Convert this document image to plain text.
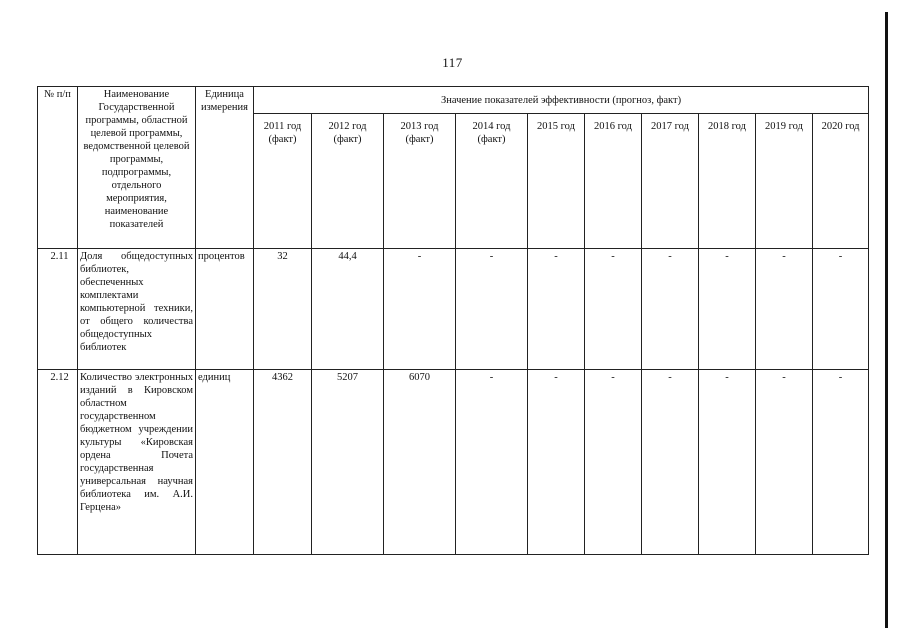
117
№ п/п	Наименование Государственной программы, областной целевой программы, ведомственной целевой программы, подпрограммы, отдельного мероприятия, наименование показателей	Единица измерения	Значение показателей эффективности (прогноз, факт)									
			2011 год (факт)	2012 год (факт)	2013 год (факт)	2014 год (факт)	2015 год	2016 год	2017 год	2018 год	2019 год	2020 год
2.11	Доля общедоступных библиотек, обеспеченных комплектами компьютерной техники, от общего количества общедоступных библиотек	процентов	32	44,4	-	-	-	-	-	-	-	-
2.12	Количество электронных изданий в Кировском областном государственном бюджетном учреждении культуры «Кировская ордена Почета государственная универсальная научная библиотека им. А.И. Герцена»	единиц	4362	5207	6070	-	-	-	-	-	-	-
